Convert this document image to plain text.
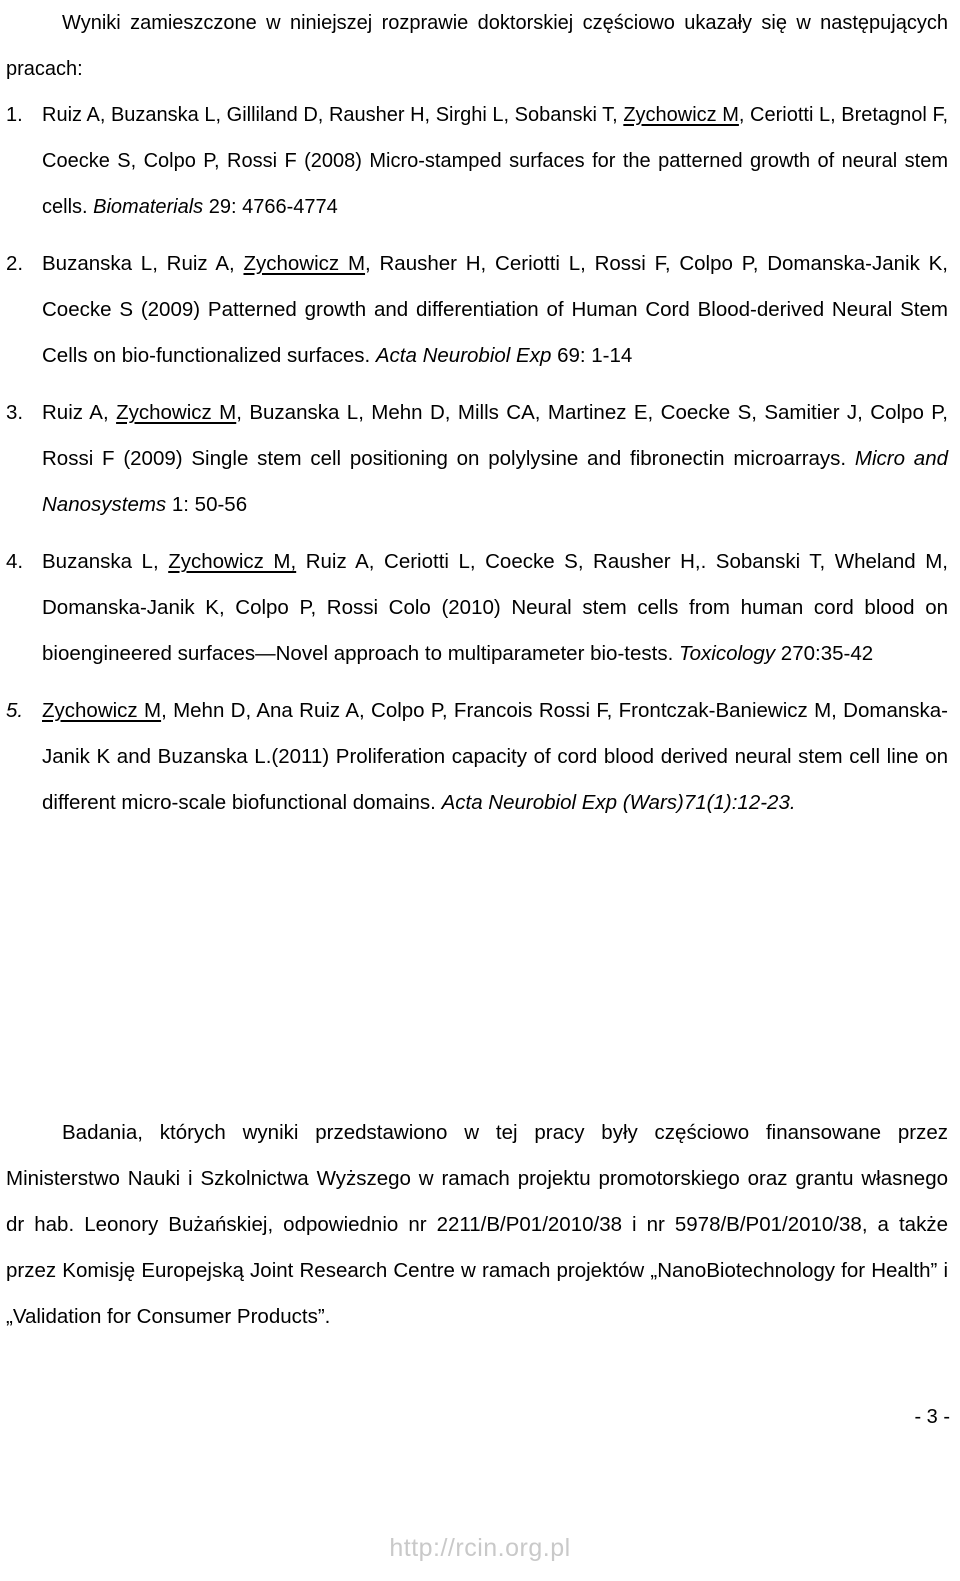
Wyniki zamieszczone w niniejszej rozprawie doktorskiej częściowo ukazały się w następujących pracach:

1. Ruiz A, Buzanska L, Gilliland D, Rausher H, Sirghi L, Sobanski T, Zychowicz M, Ceriotti L, Bretagnol F, Coecke S, Colpo P, Rossi F (2008) Micro-stamped surfaces for the patterned growth of neural stem cells. Biomaterials 29: 4766-4774
2. Buzanska L, Ruiz A, Zychowicz M, Rausher H, Ceriotti L, Rossi F, Colpo P, Domanska-Janik K, Coecke S (2009) Patterned growth and differentiation of Human Cord Blood-derived Neural Stem Cells on bio-functionalized surfaces. Acta Neurobiol Exp 69: 1-14
3. Ruiz A, Zychowicz M, Buzanska L, Mehn D, Mills CA, Martinez E, Coecke S, Samitier J, Colpo P, Rossi F (2009) Single stem cell positioning on polylysine and fibronectin microarrays. Micro and Nanosystems 1: 50-56
4. Buzanska L, Zychowicz M, Ruiz A, Ceriotti L, Coecke S, Rausher H,. Sobanski T, Wheland M, Domanska-Janik K, Colpo P, Rossi Colo (2010) Neural stem cells from human cord blood on bioengineered surfaces—Novel approach to multiparameter bio-tests. Toxicology 270:35-42
5. Zychowicz M, Mehn D, Ana Ruiz A, Colpo P, Francois Rossi F, Frontczak-Baniewicz M, Domanska-Janik K and Buzanska L.(2011) Proliferation capacity of cord blood derived neural stem cell line on different micro-scale biofunctional domains. Acta Neurobiol Exp (Wars)71(1):12-23.

Badania, których wyniki przedstawiono w tej pracy były częściowo finansowane przez Ministerstwo Nauki i Szkolnictwa Wyższego w ramach projektu promotorskiego oraz grantu własnego dr hab. Leonory Bużańskiej, odpowiednio nr 2211/B/P01/2010/38 i nr 5978/B/P01/2010/38, a także przez Komisję Europejską Joint Research Centre w ramach projektów „NanoBiotechnology for Health” i „Validation for Consumer Products”.

- 3 -
http://rcin.org.pl
